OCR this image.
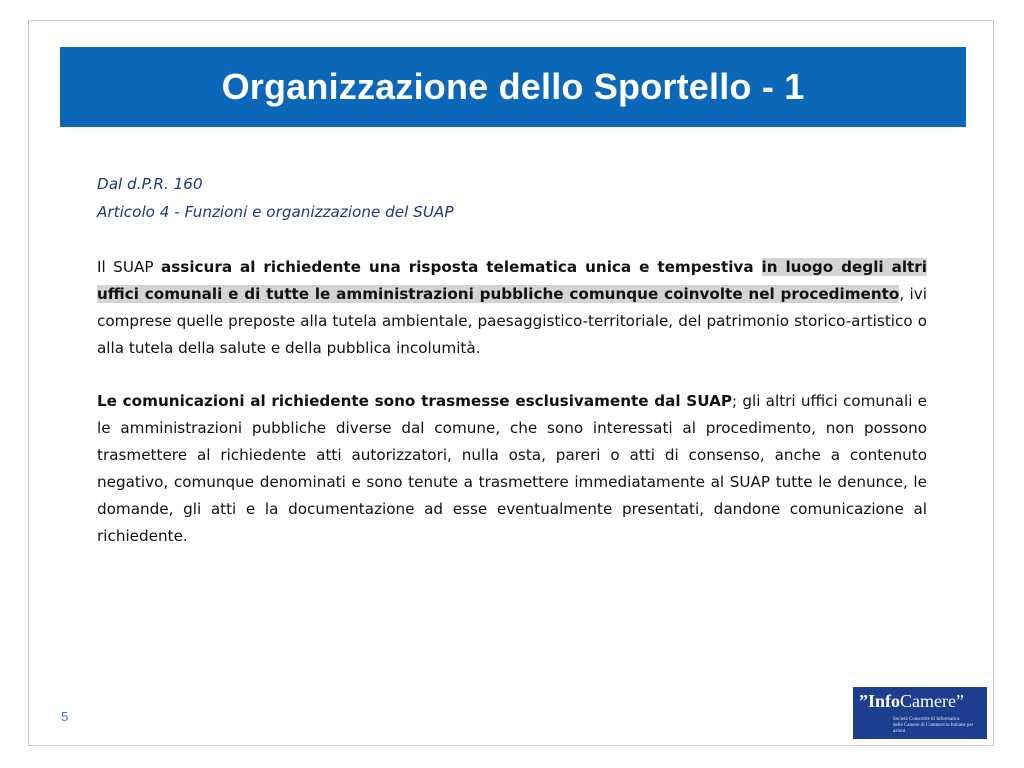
Organizzazione dello Sportello - 1

Dal d.P.R. 160

Articolo 4 - Funzioni e organizzazione del SUAP

Il SUAP assicura al richiedente una risposta telematica unica e tempestiva in luogo degli altri uffici comunali e di tutte le amministrazioni pubbliche comunque coinvolte nel procedimento, ivi comprese quelle preposte alla tutela ambientale, paesaggistico-territoriale, del patrimonio storico-artistico o alla tutela della salute e della pubblica incolumità.

Le comunicazioni al richiedente sono trasmesse esclusivamente dal SUAP; gli altri uffici comunali e le amministrazioni pubbliche diverse dal comune, che sono interessati al procedimento, non possono trasmettere al richiedente atti autorizzatori, nulla osta, pareri o atti di consenso, anche a contenuto negativo, comunque denominati e sono tenute a trasmettere immediatamente al SUAP tutte le denunce, le domande, gli atti e la documentazione ad esse eventualmente presentati, dandone comunicazione al richiedente.

5
”InfoCamere”
Società Consortile di Informatica
delle Camere di Commercio Italiane per azioni
